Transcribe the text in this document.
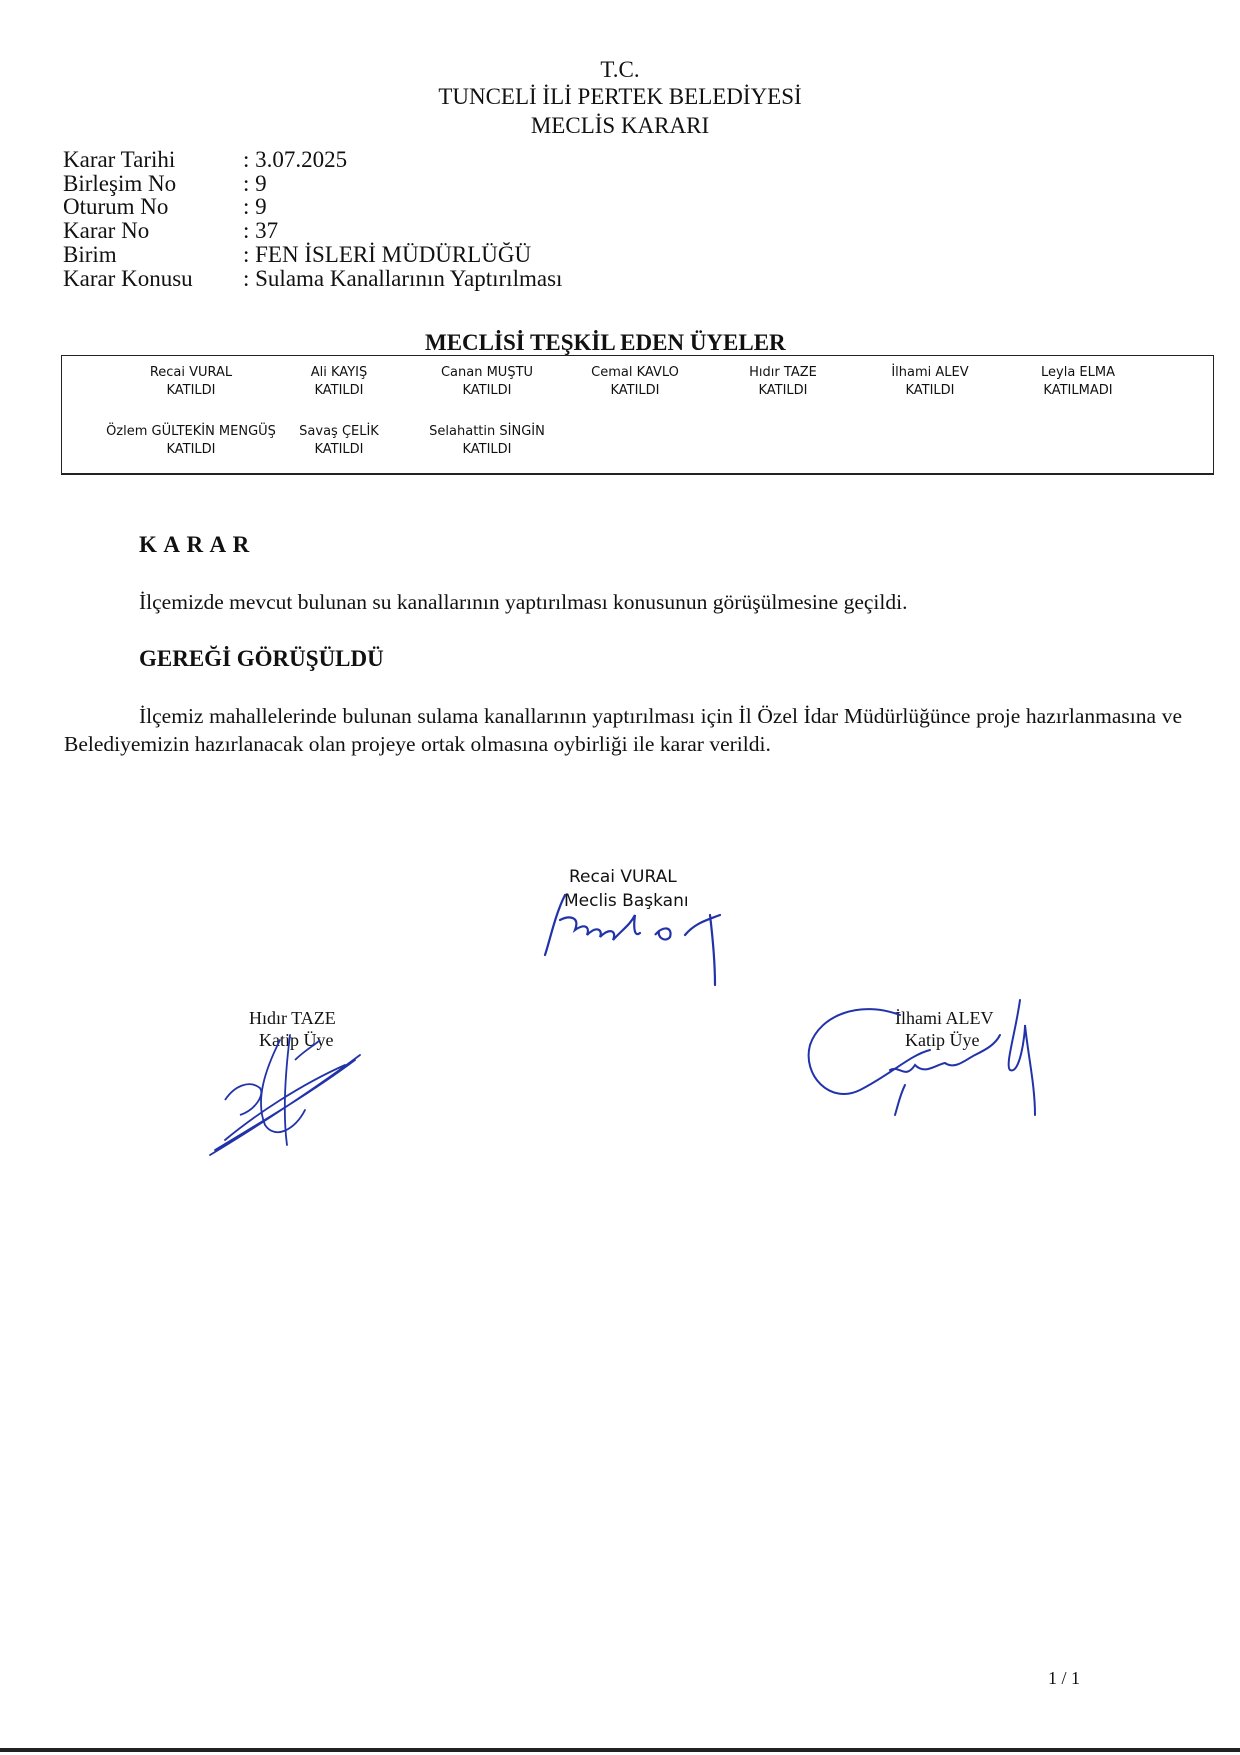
T.C.
TUNCELİ İLİ PERTEK BELEDİYESİ
MECLİS KARARI
Karar Tarihi	: 3.07.2025
Birleşim No	: 9
Oturum No	: 9
Karar No	: 37
Birim	: FEN İSLERİ MÜDÜRLÜĞÜ
Karar Konusu	: Sulama Kanallarının Yaptırılması
MECLİSİ TEŞKİL EDEN ÜYELER
Recai VURAL
KATILDI
Ali KAYIŞ
KATILDI
Canan MUŞTU
KATILDI
Cemal KAVLO
KATILDI
Hıdır TAZE
KATILDI
İlhami ALEV
KATILDI
Leyla ELMA
KATILMADI
Özlem GÜLTEKİN MENGÜŞ
KATILDI
Savaş ÇELİK
KATILDI
Selahattin SİNGİN
KATILDI
K A R A R
İlçemizde mevcut bulunan su kanallarının yaptırılması konusunun görüşülmesine geçildi.
GEREĞİ GÖRÜŞÜLDÜ
İlçemiz mahallelerinde bulunan sulama kanallarının yaptırılması için İl Özel İdar Müdürlüğünce proje hazırlanmasına ve Belediyemizin hazırlanacak olan projeye ortak olmasına oybirliği ile karar verildi.
Recai VURAL
Meclis Başkanı
Hıdır TAZE
Katip Üye
İlhami ALEV
Katip Üye
1 / 1
